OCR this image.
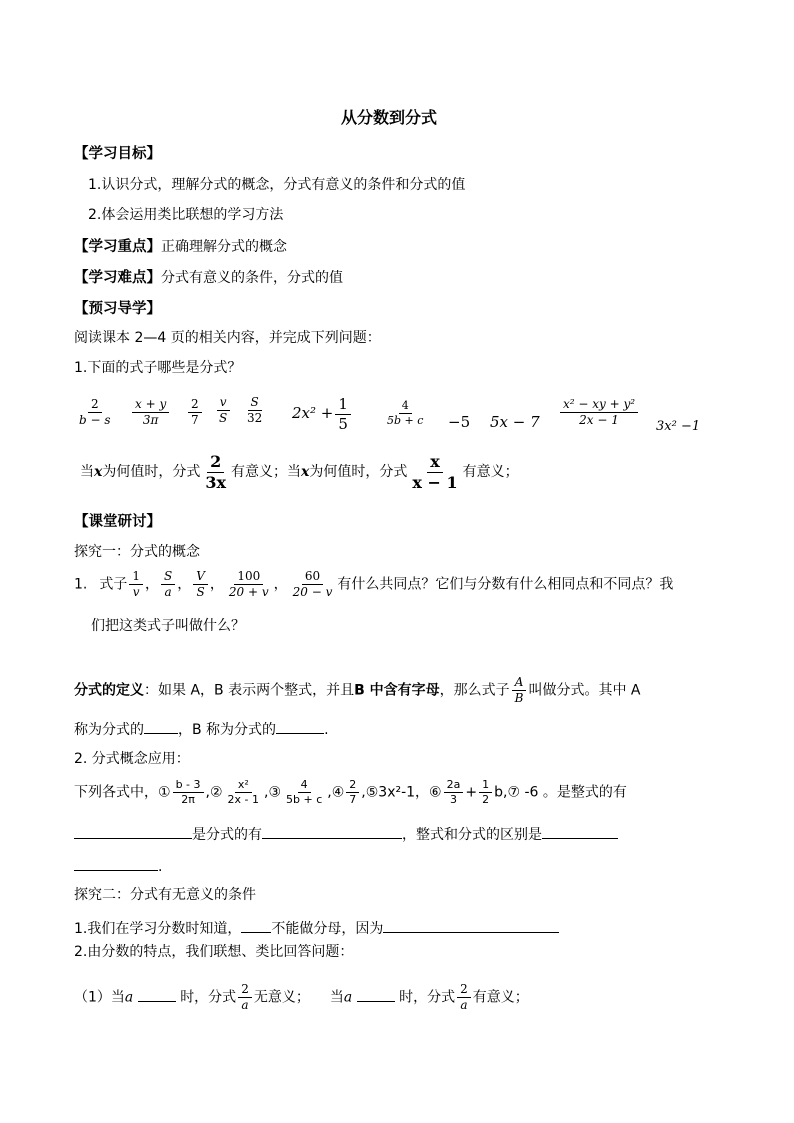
从分数到分式
【学习目标】
1.认识分式，理解分式的概念，分式有意义的条件和分式的值
2.体会运用类比联想的学习方法
【学习重点】正确理解分式的概念
【学习难点】分式有意义的条件，分式的值
【预习导学】
阅读课本 2—4 页的相关内容，并完成下列问题：
1.下面的式子哪些是分式？
$\frac{2}{b - s} \frac{x + y}{3\pi} \frac{2}{7} \frac{v}{S} \frac{S}{32} 2x^2 + \frac{1}{5}$	$\frac{4}{5b + c} -5$ $5x - 7 \frac{\text{x² − xy + y²}}{2x - 1} 3x^2 -1$
当x为何值时，分式 $\frac{2}{3x}$ 有意义；当x为何值时，分式 $\frac{x}{x - 1}$ 有意义；
【课堂研讨】
探究一：分式的概念
1. 式子 $\frac{1}{v}$ ， $\frac{S}{a}$ ， $\frac{V}{S}$ ， $\frac{100}{20 + v}$ ， $\frac{60}{20 - v}$ 有什么共同点？它们与分数有什么相同点和不同点？我
们把这类式子叫做什么？
分式的定义：如果 A，B 表示两个整式，并且B 中含有字母，那么式子 $\frac{A}{B}$ 叫做分式。其中 A
称为分式的 ，B 称为分式的	.
2. 分式概念应用：
下列各式中，① $\frac{b - 3}{2\pi}$ ,② $\frac{\text{x²}}{2x - 1}$ ,③ $\frac{4}{5b + c}$ ,④ $\frac{2}{7}$ ,⑤3x²-1，⑥ $\frac{2a}{3} + \frac{1}{2}$ b,⑦ -6 。是整式的有
是分式的有	，整式和分式的区别是
.
探究二：分式有无意义的条件
1.我们在学习分数时知道， 不能做分母，因为
2.由分数的特点，我们联想、类比回答问题：
（1）当a	时，分式 $\frac{2}{a}$ 无意义； 当a	时，分式 $\frac{2}{a}$ 有意义；
